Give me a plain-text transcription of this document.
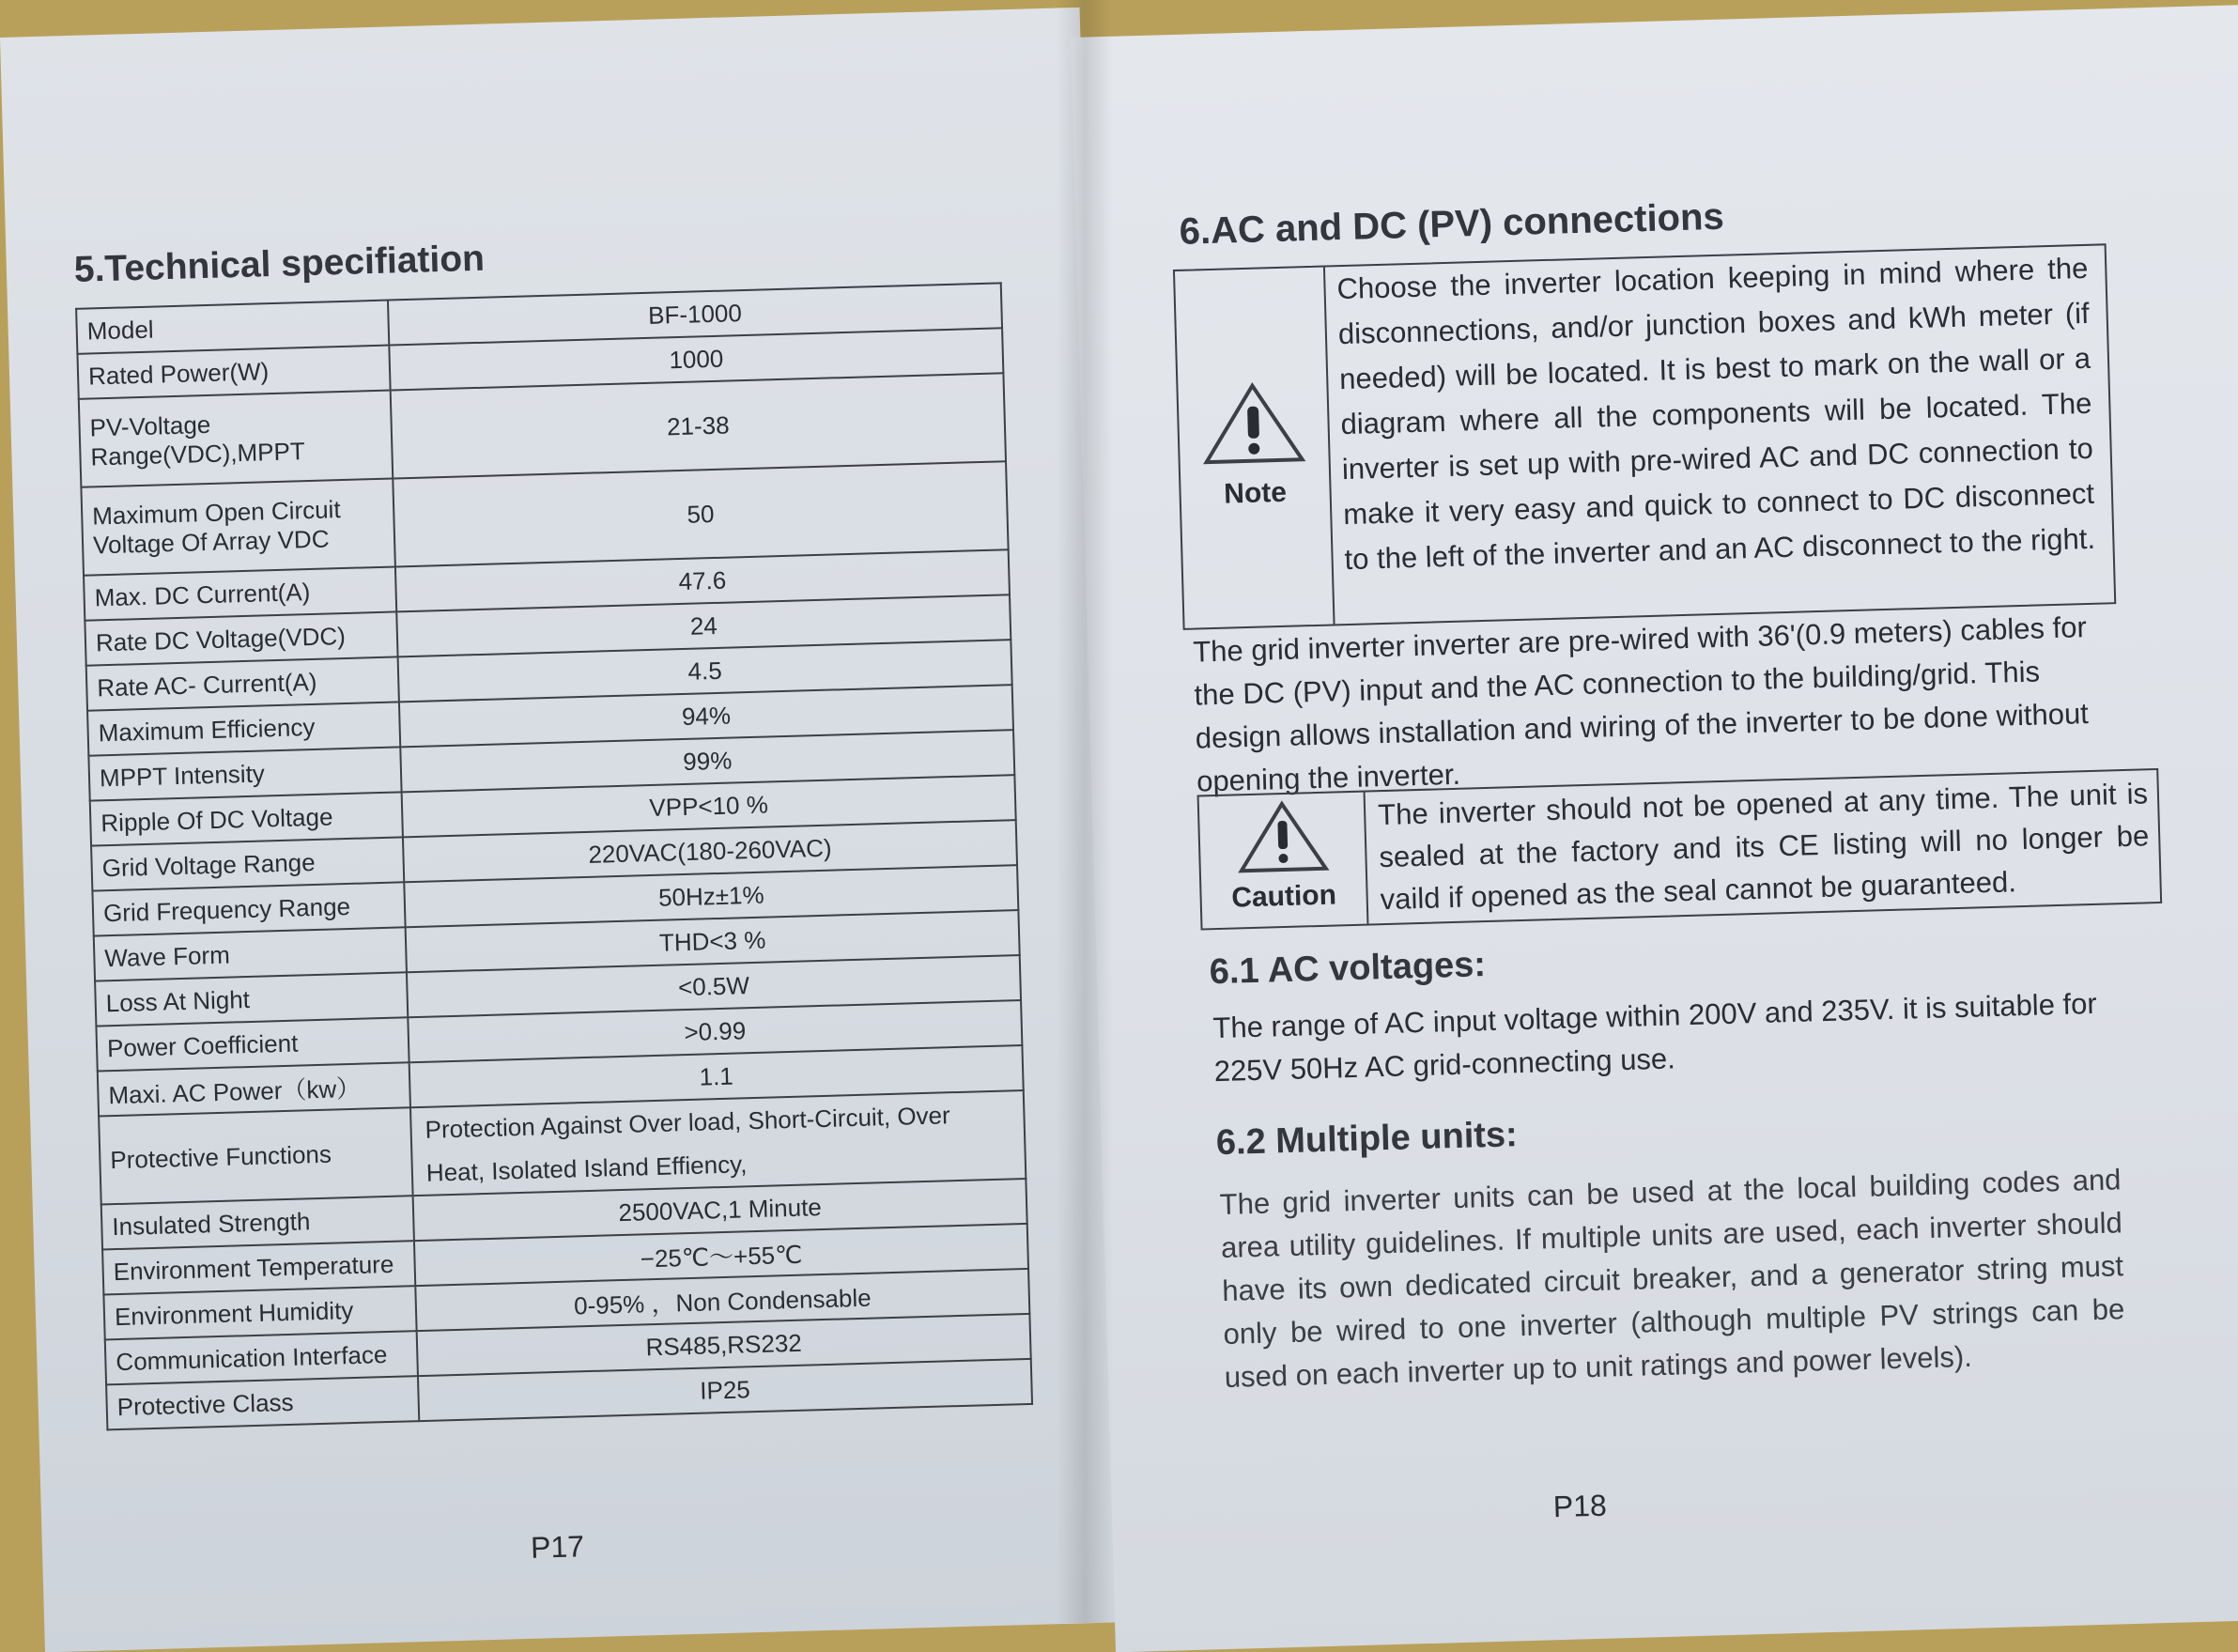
5.Technical specifiation
Model	BF-1000
Rated Power(W)	1000
PV-Voltage Range(VDC),MPPT	21-38
Maximum Open Circuit Voltage Of Array VDC	50
Max. DC Current(A)	47.6
Rate DC Voltage(VDC)	24
Rate AC- Current(A)	4.5
Maximum Efficiency	94%
MPPT Intensity	99%
Ripple Of DC Voltage	VPP<10 %
Grid Voltage Range	220VAC(180-260VAC)
Grid Frequency Range	50Hz±1%
Wave Form	THD<3 %
Loss At Night	<0.5W
Power Coefficient	>0.99
Maxi. AC Power（kw）	1.1
Protective Functions	Protection Against Over load, Short-Circuit, Over Heat, Isolated Island Effiency,
Insulated Strength	2500VAC,1 Minute
Environment Temperature	−25℃～+55℃
Environment Humidity	0-95% ，Non Condensable
Communication Interface	RS485,RS232
Protective Class	IP25
P17
6.AC and DC (PV) connections
Note
Choose the inverter location keeping in mind where the disconnections, and/or junction boxes and kWh meter (if needed) will be located. It is best to mark on the wall or a diagram where all the components will be located. The inverter is set up with pre-wired AC and DC connection to make it very easy and quick to connect to DC disconnect to the left of the inverter and an AC disconnect to the right.
The grid inverter inverter are pre-wired with 36'(0.9 meters) cables for the DC (PV) input and the AC connection to the building/grid. This design allows installation and wiring of the inverter to be done without opening the inverter.
Caution
The inverter should not be opened at any time. The unit is sealed at the factory and its CE listing will no longer be vaild if opened as the seal cannot be guaranteed.
6.1 AC voltages:
The range of AC input voltage within 200V and 235V. it is suitable for 225V 50Hz AC grid-connecting use.
6.2 Multiple units:
The grid inverter units can be used at the local building codes and area utility guidelines. If multiple units are used, each inverter should have its own dedicated circuit breaker, and a generator string must only be wired to one inverter (although multiple PV strings can be used on each inverter up to unit ratings and power levels).
P18
